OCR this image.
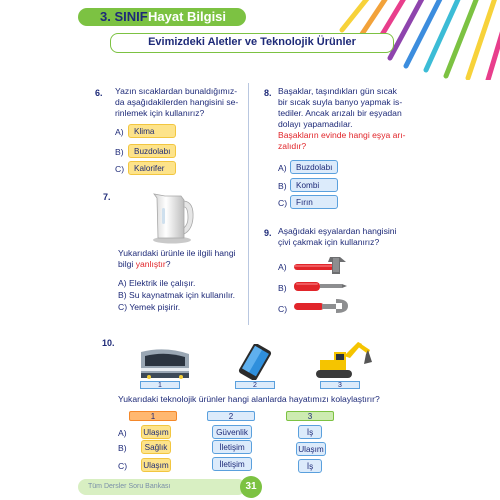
3. SINIF Hayat Bilgisi
Evimizdeki Aletler ve Teknolojik Ürünler
6. Yazın sıcaklardan bunaldığımız-
da aşağıdakilerden hangisini se-
rinlemek için kullanırız?
A)	Klima
B)	Buzdolabı
C)	Kalorifer
7.
Yukarıdaki ürünle ile ilgili hangi
bilgi yanlıştır?
A) Elektrik ile çalışır.
B) Su kaynatmak için kullanılır.
C) Yemek pişirir.
8. Başaklar, taşındıkları gün sıcak
bir sıcak suyla banyo yapmak is-
tediler. Ancak arızalı bir eşyadan
dolayı yapamadılar.
Başakların evinde hangi eşya arı-
zalıdır?
A)	Buzdolabı
B)	Kombi
C)	Fırın
9. Aşağıdaki eşyalardan hangisini
çivi çakmak için kullanırız?
A)
B)
C)
10.
1	2	3
Yukarıdaki teknolojik ürünler hangi alanlarda hayatımızı kolaylaştırır?
1	2	3
A) Ulaşım	Güvenlik	İş
B)	Sağlık	İletişim	Ulaşım
C) Ulaşım	İletişim	İş
Tüm Dersler Soru Bankası	31
